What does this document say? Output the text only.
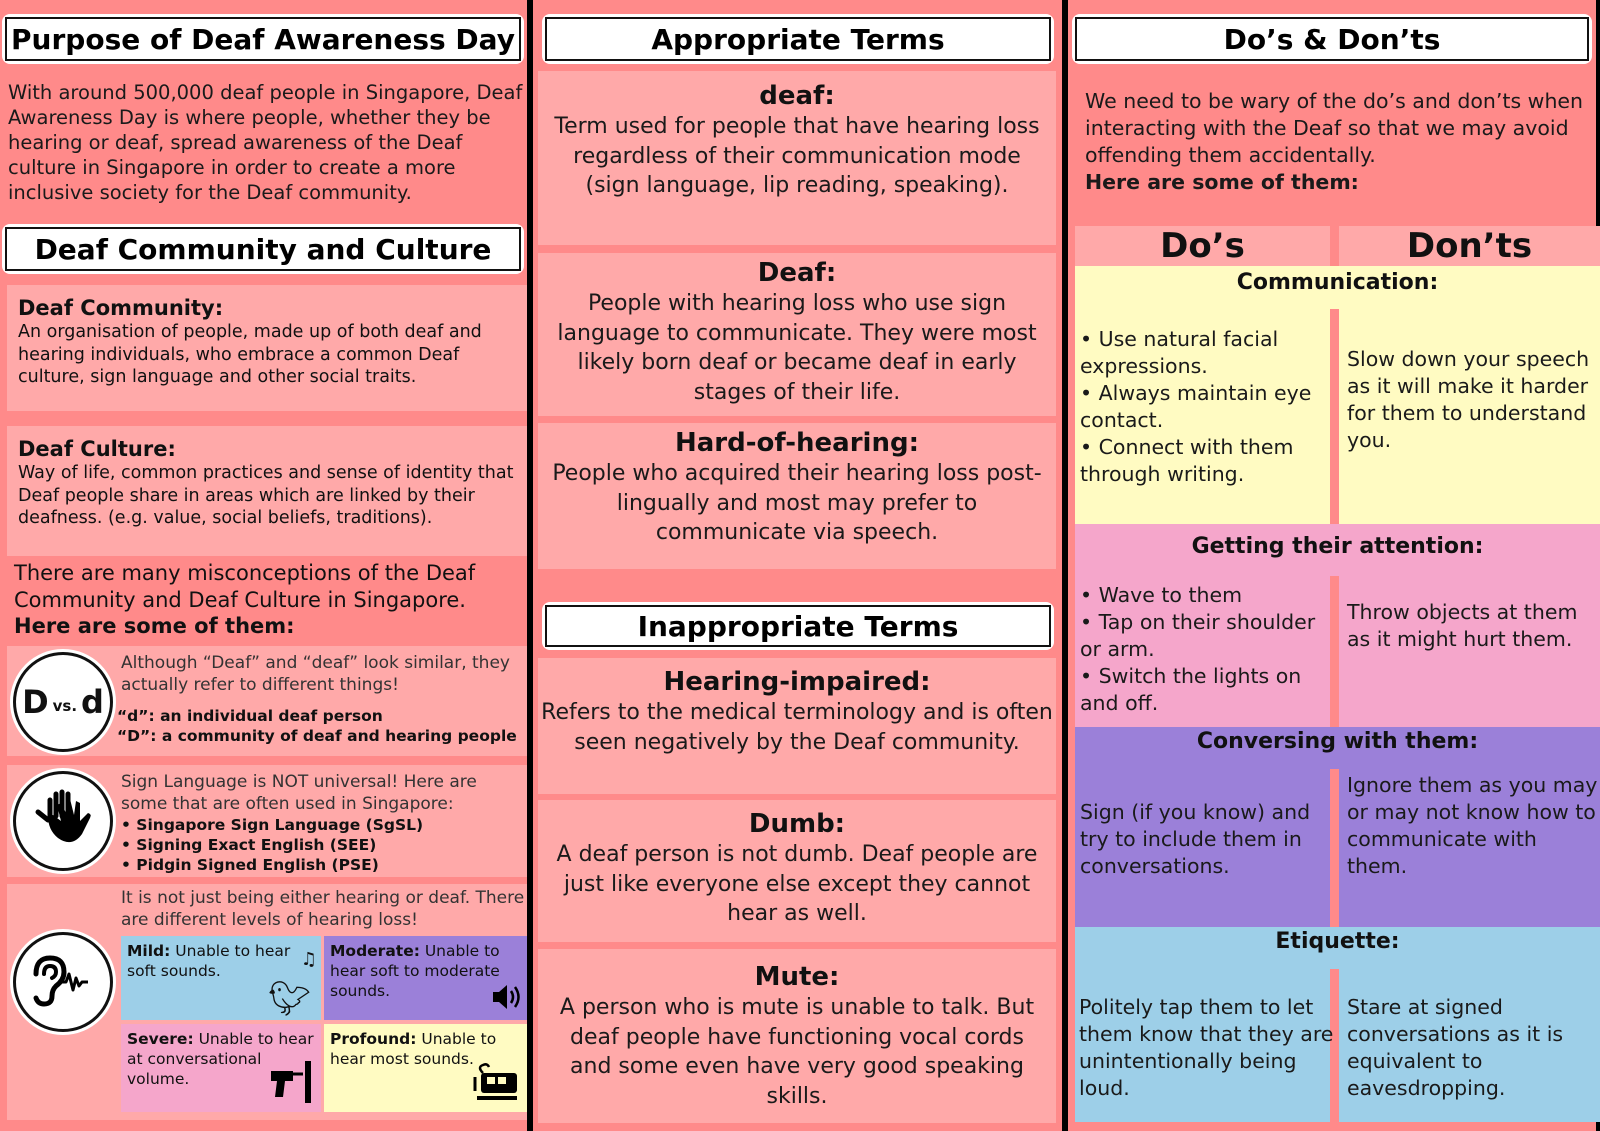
Purpose of Deaf Awareness Day
With around 500,000 deaf people in Singapore, Deaf Awareness Day is where people, whether they be hearing or deaf, spread awareness of the Deaf culture in Singapore in order to create a more inclusive society for the Deaf community.
Deaf Community and Culture
Deaf Community:
An organisation of people, made up of both deaf and hearing individuals, who embrace a common Deaf culture, sign language and other social traits.
Deaf Culture:
Way of life, common practices and sense of identity that Deaf people share in areas which are linked by their deafness. (e.g. value, social beliefs, traditions).
There are many misconceptions of the Deaf Community and Deaf Culture in Singapore.
Here are some of them:
D vs. d
Although “Deaf” and “deaf” look similar, they actually refer to different things!
“d”: an individual deaf person
“D”: a community of deaf and hearing people
Sign Language is NOT universal! Here are some that are often used in Singapore:
• Singapore Sign Language (SgSL)
• Signing Exact English (SEE)
• Pidgin Signed English (PSE)
It is not just being either hearing or deaf. There are different levels of hearing loss!
Mild: Unable to hear soft sounds.
🐦︎
♫ Moderate: Unable to hear soft to moderate sounds.
Severe: Unable to hear at conversational volume.
Profound: Unable to hear most sounds.
Appropriate Terms
deaf:
Term used for people that have hearing loss regardless of their communication mode (sign language, lip reading, speaking).
Deaf:
People with hearing loss who use sign language to communicate. They were most likely born deaf or became deaf in early stages of their life.
Hard-of-hearing:
People who acquired their hearing loss post-lingually and most may prefer to communicate via speech.
Inappropriate Terms
Hearing-impaired:
Refers to the medical terminology and is often seen negatively by the Deaf community.
Dumb:
A deaf person is not dumb. Deaf people are just like everyone else except they cannot hear as well.
Mute:
A person who is mute is unable to talk. But deaf people have functioning vocal cords and some even have very good speaking skills.
Do’s & Don’ts
We need to be wary of the do’s and don’ts when interacting with the Deaf so that we may avoid offending them accidentally.
Here are some of them:
Do’s	Don’ts
Communication:
• Use natural facial expressions.
• Always maintain eye contact.
• Connect with them through writing.
Slow down your speech as it will make it harder for them to understand you.
Getting their attention:
• Wave to them
• Tap on their shoulder or arm.
• Switch the lights on and off.
Throw objects at them as it might hurt them.
Conversing with them:
Sign (if you know) and try to include them in conversations.
Ignore them as you may or may not know how to communicate with them.
Etiquette:
Politely tap them to let them know that they are unintentionally being loud.
Stare at signed conversations as it is equivalent to eavesdropping.
